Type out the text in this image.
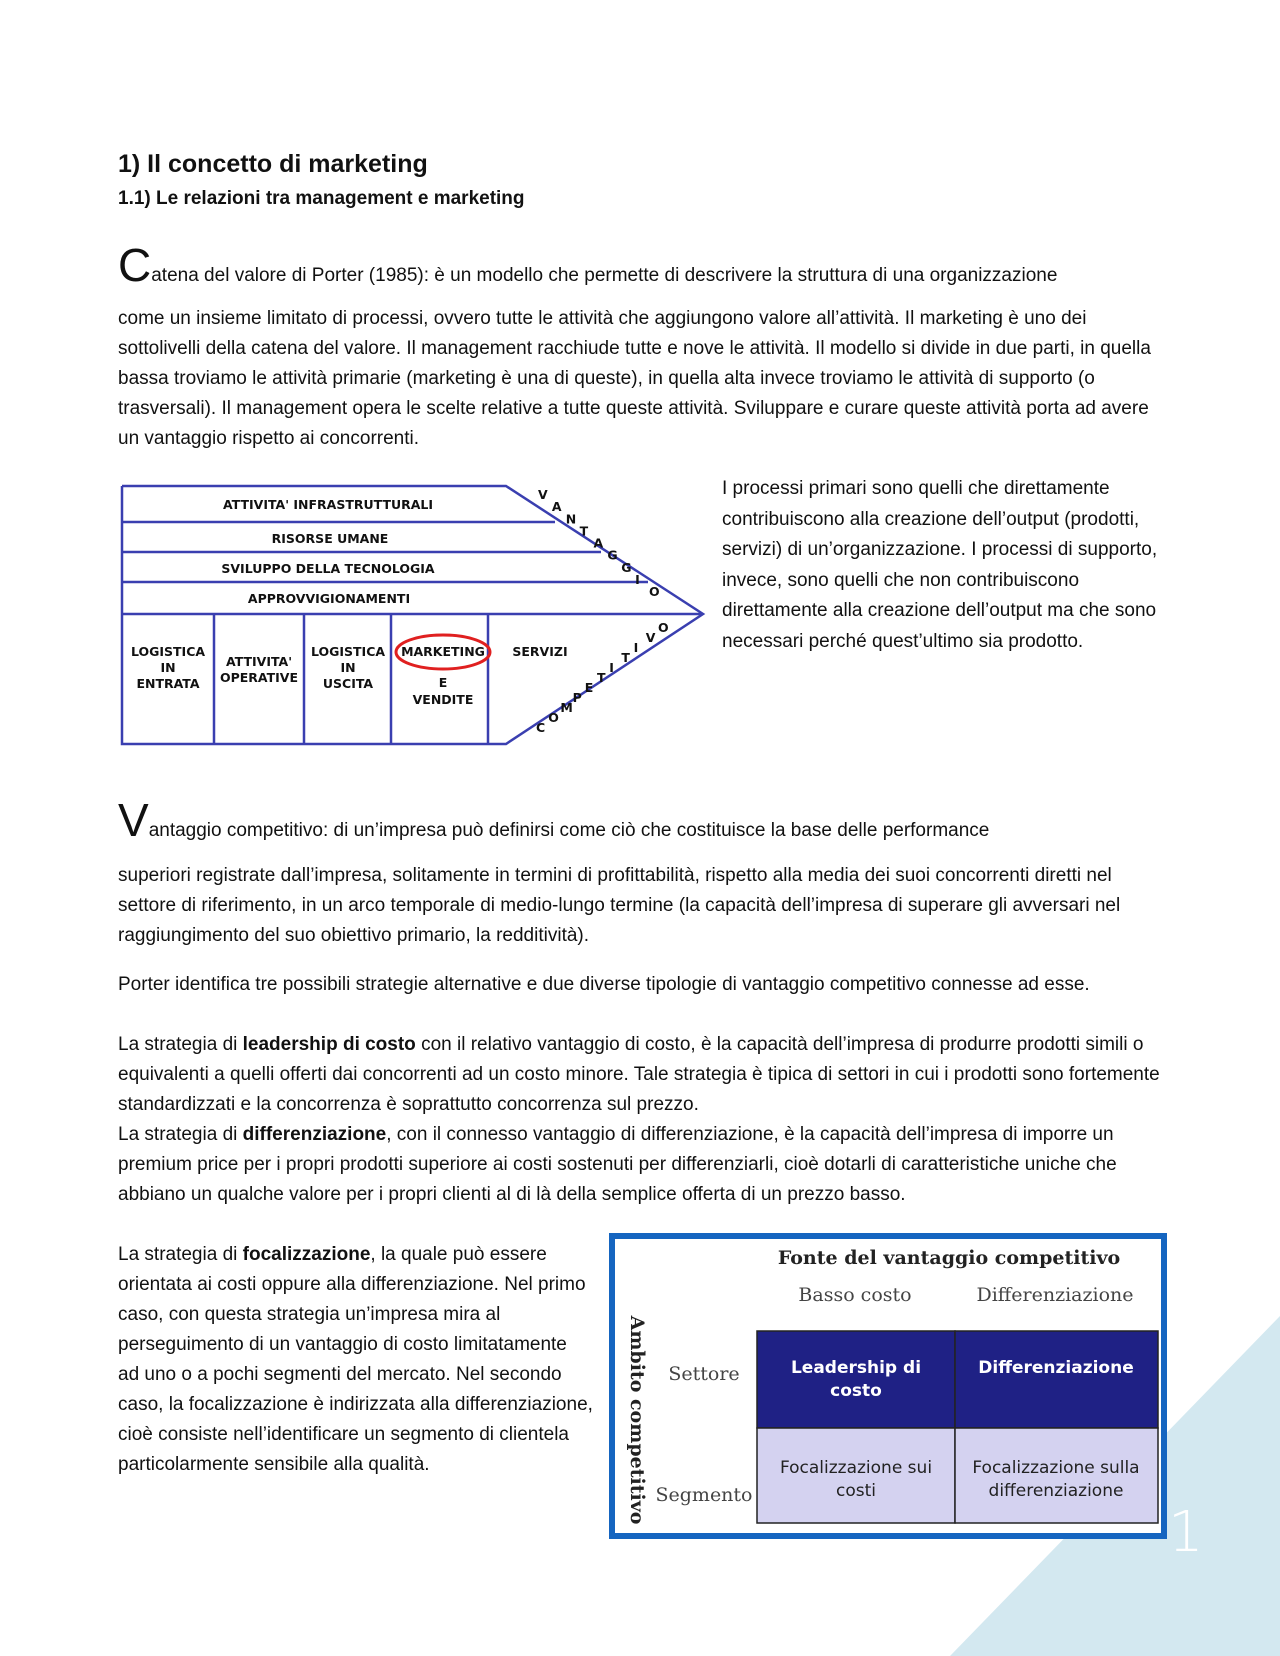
1
1) Il concetto di marketing
1.1) Le relazioni tra management e marketing

Catena del valore di Porter (1985): è un modello che permette di descrivere la struttura di una organizzazione

come un insieme limitato di processi, ovvero tutte le attività che aggiungono valore all’attività. Il marketing è uno dei sottolivelli della catena del valore. Il management racchiude tutte e nove le attività. Il modello si divide in due parti, in quella bassa troviamo le attività primarie (marketing è una di queste), in quella alta invece troviamo le attività di supporto (o trasversali). Il management opera le scelte relative a tutte queste attività. Sviluppare e curare queste attività porta ad avere un vantaggio rispetto ai concorrenti.

ATTIVITA' INFRASTRUTTURALI
RISORSE UMANE
SVILUPPO DELLA TECNOLOGIA
APPROVVIGIONAMENTI
LOGISTICA
IN
ENTRATA
ATTIVITA'
OPERATIVE
LOGISTICA
IN
USCITA
MARKETING
E
VENDITE
SERVIZI
V
A
N
T
A
G
G
I
O
C
O
M
P
E
T
I
T
I
V
O

I processi primari sono quelli che direttamente contribuiscono alla creazione dell’output (prodotti, servizi) di un’organizzazione. I processi di supporto, invece, sono quelli che non contribuiscono direttamente alla creazione dell’output ma che sono necessari perché quest’ultimo sia prodotto.

Vantaggio competitivo: di un’impresa può definirsi come ciò che costituisce la base delle performance

superiori registrate dall’impresa, solitamente in termini di profittabilità, rispetto alla media dei suoi concorrenti diretti nel settore di riferimento, in un arco temporale di medio-lungo termine (la capacità dell’impresa di superare gli avversari nel raggiungimento del suo obiettivo primario, la redditività).

Porter identifica tre possibili strategie alternative e due diverse tipologie di vantaggio competitivo connesse ad esse.

La strategia di leadership di costo con il relativo vantaggio di costo, è la capacità dell’impresa di produrre prodotti simili o equivalenti a quelli offerti dai concorrenti ad un costo minore. Tale strategia è tipica di settori in cui i prodotti sono fortemente standardizzati e la concorrenza è soprattutto concorrenza sul prezzo.

La strategia di differenziazione, con il connesso vantaggio di differenziazione, è la capacità dell’impresa di imporre un premium price per i propri prodotti superiore ai costi sostenuti per differenziarli, cioè dotarli di caratteristiche uniche che abbiano un qualche valore per i propri clienti al di là della semplice offerta di un prezzo basso.

La strategia di focalizzazione, la quale può essere orientata ai costi oppure alla differenziazione. Nel primo caso, con questa strategia un’impresa mira al perseguimento di un vantaggio di costo limitatamente ad uno o a pochi segmenti del mercato. Nel secondo caso, la focalizzazione è indirizzata alla differenziazione, cioè consiste nell’identificare un segmento di clientela particolarmente sensibile alla qualità.

Fonte del vantaggio competitivo
Basso costo	Differenziazione
Settore
Segmento
Ambito competitivo	Leadership di
costo
Differenziazione
Focalizzazione sui
costi
Focalizzazione sulla
differenziazione
